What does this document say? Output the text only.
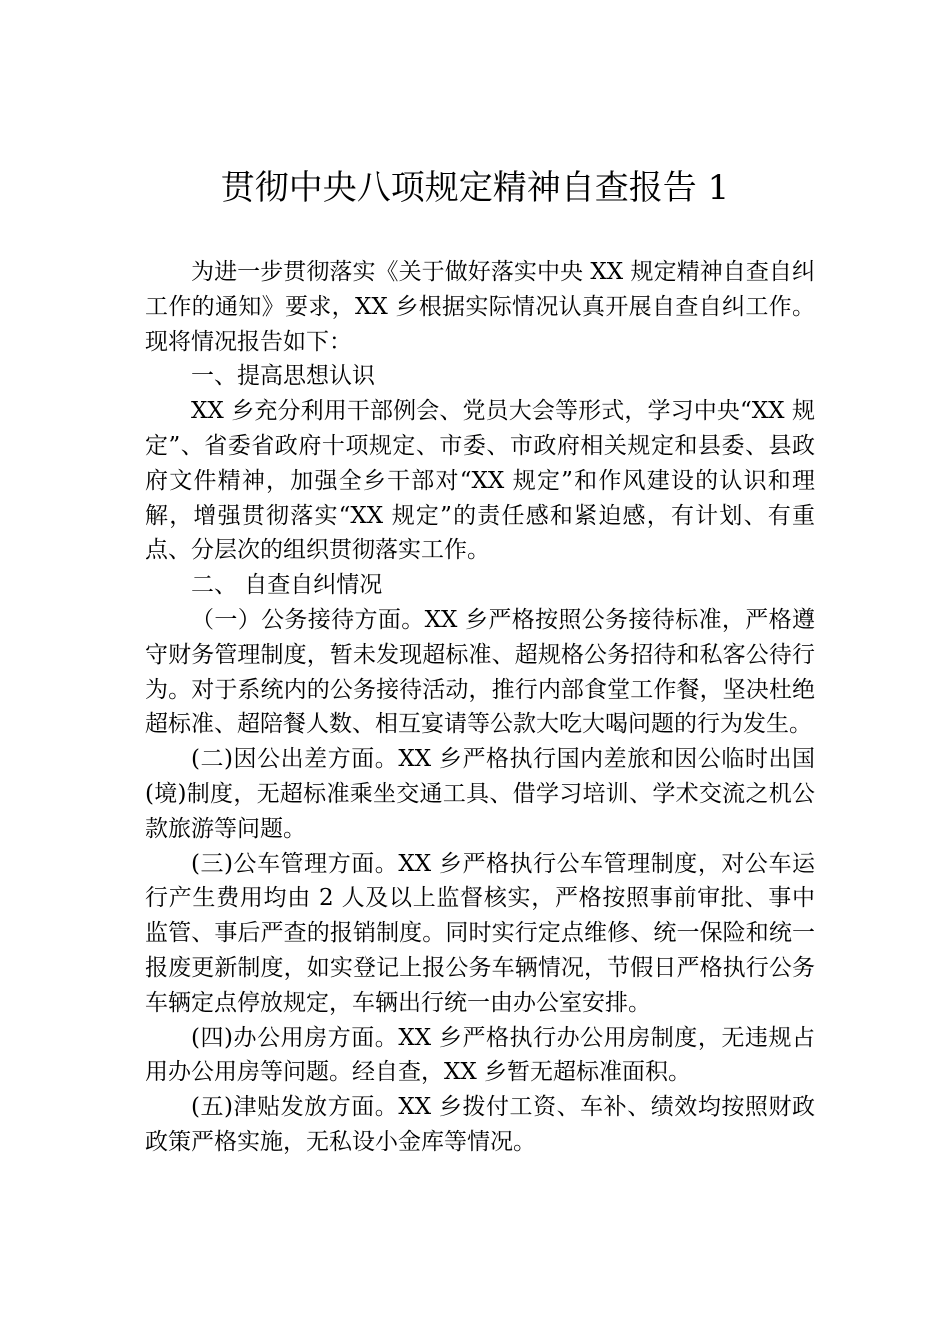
贯彻中央八项规定精神自查报告 1

为进一步贯彻落实《关于做好落实中央 XX 规定精神自查自纠工作的通知》要求，XX 乡根据实际情况认真开展自查自纠工作。现将情况报告如下：

一、提高思想认识

XX 乡充分利用干部例会、党员大会等形式，学习中央“XX 规定”、省委省政府十项规定、市委、市政府相关规定和县委、县政府文件精神，加强全乡干部对“XX 规定”和作风建设的认识和理解，增强贯彻落实“XX 规定”的责任感和紧迫感，有计划、有重点、分层次的组织贯彻落实工作。

二、 自查自纠情况

（一）公务接待方面。XX 乡严格按照公务接待标准，严格遵守财务管理制度，暂未发现超标准、超规格公务招待和私客公待行为。对于系统内的公务接待活动，推行内部食堂工作餐，坚决杜绝超标准、超陪餐人数、相互宴请等公款大吃大喝问题的行为发生。

(二)因公出差方面。XX 乡严格执行国内差旅和因公临时出国(境)制度，无超标准乘坐交通工具、借学习培训、学术交流之机公款旅游等问题。

(三)公车管理方面。XX 乡严格执行公车管理制度，对公车运行产生费用均由 2 人及以上监督核实，严格按照事前审批、事中监管、事后严查的报销制度。同时实行定点维修、统一保险和统一报废更新制度，如实登记上报公务车辆情况，节假日严格执行公务车辆定点停放规定，车辆出行统一由办公室安排。

(四)办公用房方面。XX 乡严格执行办公用房制度，无违规占用办公用房等问题。经自查，XX 乡暂无超标准面积。

(五)津贴发放方面。XX 乡拨付工资、车补、绩效均按照财政政策严格实施，无私设小金库等情况。
